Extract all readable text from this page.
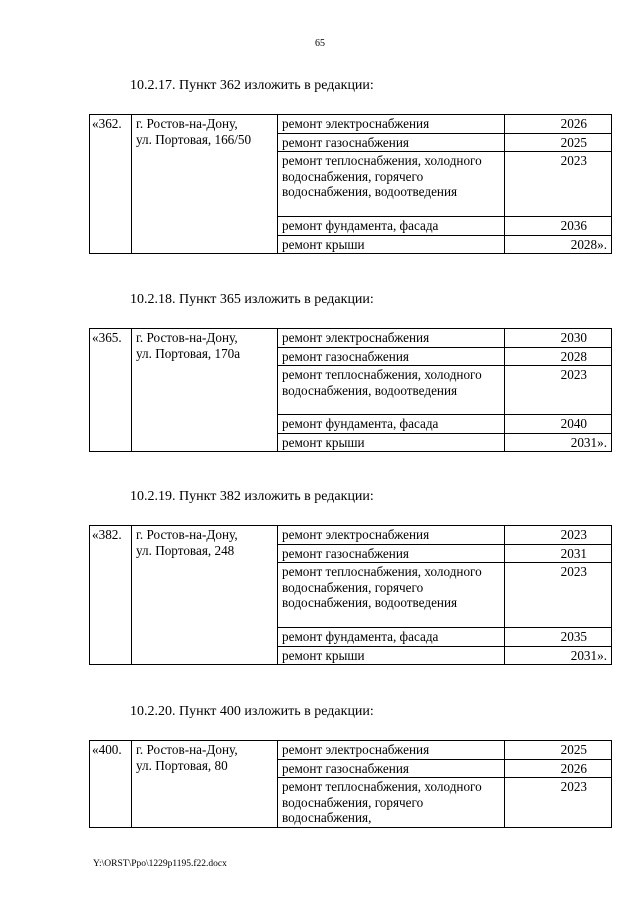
65
10.2.17. Пункт 362 изложить в редакции:
«362.	г. Ростов-на-Дону,
ул. Портовая, 166/50	ремонт электроснабжения	2026
		ремонт газоснабжения	2025
		ремонт теплоснабжения, холодного водоснабжения, горячего водоснабжения, водоотведения	2023
		ремонт фундамента, фасада	2036
		ремонт крыши	2028».
10.2.18. Пункт 365 изложить в редакции:
«365.	г. Ростов-на-Дону,
ул. Портовая, 170а	ремонт электроснабжения	2030
		ремонт газоснабжения	2028
		ремонт теплоснабжения, холодного водоснабжения, водоотведения	2023
		ремонт фундамента, фасада	2040
		ремонт крыши	2031».
10.2.19. Пункт 382 изложить в редакции:
«382.	г. Ростов-на-Дону,
ул. Портовая, 248	ремонт электроснабжения	2023
		ремонт газоснабжения	2031
		ремонт теплоснабжения, холодного водоснабжения, горячего водоснабжения, водоотведения	2023
		ремонт фундамента, фасада	2035
		ремонт крыши	2031».
10.2.20. Пункт 400 изложить в редакции:
«400.	г. Ростов-на-Дону,
ул. Портовая, 80	ремонт электроснабжения	2025
		ремонт газоснабжения	2026
		ремонт теплоснабжения, холодного водоснабжения, горячего водоснабжения,	2023
Y:\ORST\Ppo\1229p1195.f22.docx
